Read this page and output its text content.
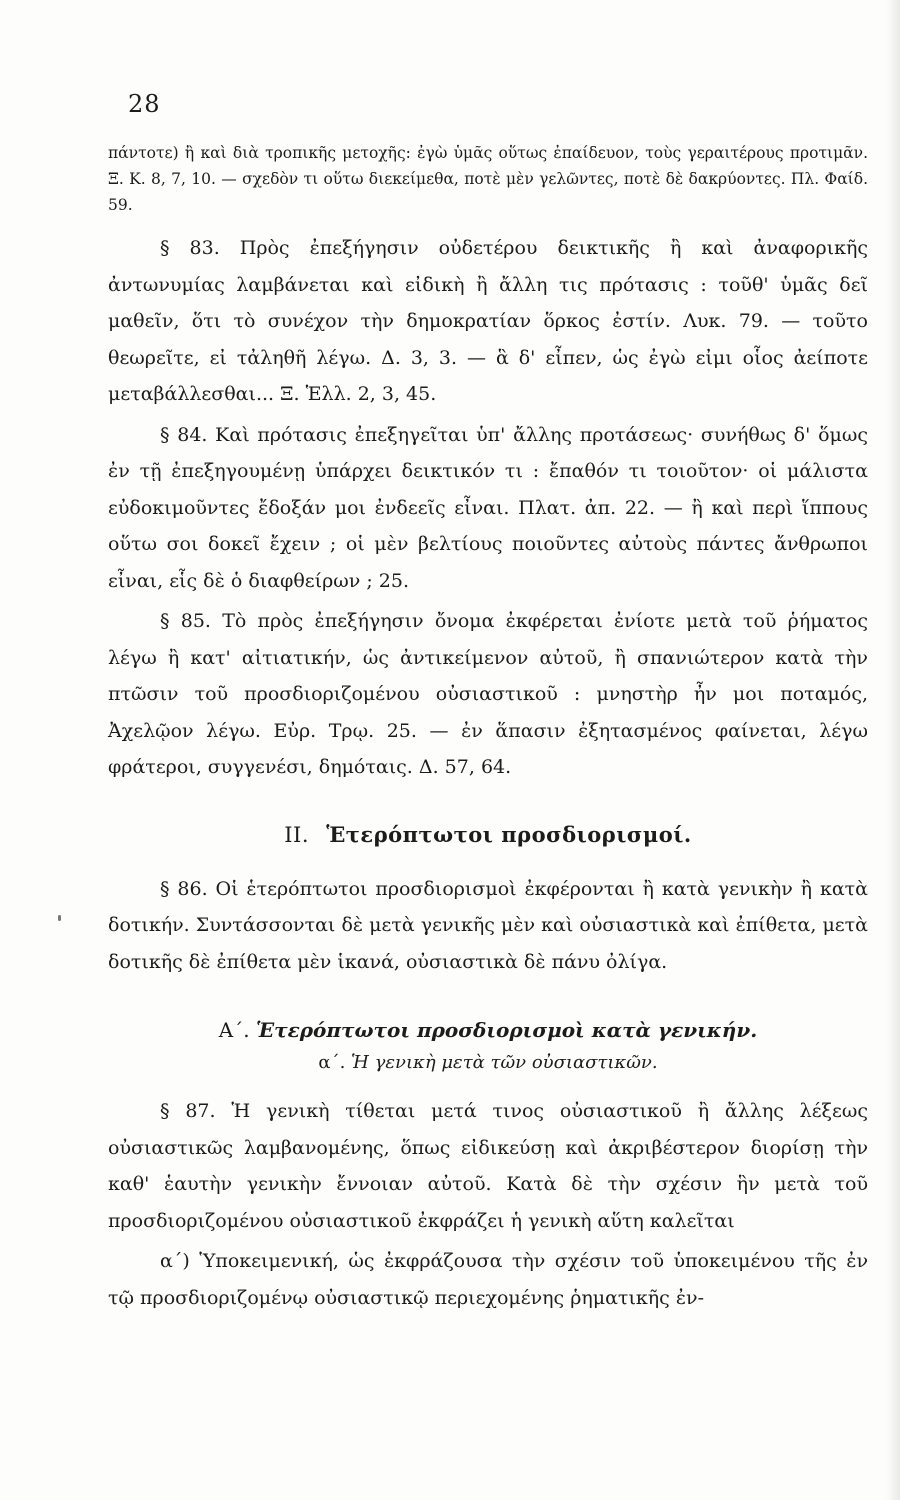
28
πάντοτε) ἢ καὶ διὰ τροπικῆς μετοχῆς: ἐγὼ ὑμᾶς οὕτως ἐπαίδευον, τοὺς γεραιτέρους προτιμᾶν. Ξ. Κ. 8, 7, 10. — σχεδὸν τι οὕτω διεκείμεθα, ποτὲ μὲν γελῶντες, ποτὲ δὲ δακρύοντες. Πλ. Φαίδ. 59.

§ 83. Πρὸς ἐπεξήγησιν οὐδετέρου δεικτικῆς ἢ καὶ ἀναφορικῆς ἀντωνυμίας λαμβάνεται καὶ εἰδικὴ ἢ ἄλλη τις πρότασις : τοῦθ' ὑμᾶς δεῖ μαθεῖν, ὅτι τὸ συνέχον τὴν δημοκρατίαν ὅρκος ἐστίν. Λυκ. 79. — τοῦτο θεωρεῖτε, εἰ τἀληθῆ λέγω. Δ. 3, 3. — ἃ δ' εἶπεν, ὡς ἐγὼ εἰμι οἷος ἀείποτε μεταβάλλεσθαι... Ξ. Ἑλλ. 2, 3, 45.

§ 84. Καὶ πρότασις ἐπεξηγεῖται ὑπ' ἄλλης προτάσεως· συνήθως δ' ὅμως ἐν τῇ ἐπεξηγουμένῃ ὑπάρχει δεικτικόν τι : ἔπαθόν τι τοιοῦτον· οἱ μάλιστα εὐδοκιμοῦντες ἔδοξάν μοι ἐνδεεῖς εἶναι. Πλατ. ἀπ. 22. — ἢ καὶ περὶ ἵππους οὕτω σοι δοκεῖ ἔχειν ; οἱ μὲν βελτίους ποιοῦντες αὐτοὺς πάντες ἄνθρωποι εἶναι, εἷς δὲ ὁ διαφθείρων ; 25.

§ 85. Τὸ πρὸς ἐπεξήγησιν ὄνομα ἐκφέρεται ἐνίοτε μετὰ τοῦ ῥήματος λέγω ἢ κατ' αἰτιατικήν, ὡς ἀντικείμενον αὐτοῦ, ἢ σπανιώτερον κατὰ τὴν πτῶσιν τοῦ προσδιοριζομένου οὐσιαστικοῦ : μνηστὴρ ἦν μοι ποταμός, Ἀχελῷον λέγω. Εὐρ. Τρῳ. 25. — ἐν ἅπασιν ἐξητασμένος φαίνεται, λέγω φράτεροι, συγγενέσι, δημόταις. Δ. 57, 64.

II. Ἑτερόπτωτοι προσδιορισμοί.

§ 86. Οἱ ἑτερόπτωτοι προσδιορισμοὶ ἐκφέρονται ἢ κατὰ γενικὴν ἢ κατὰ δοτικήν. Συντάσσονται δὲ μετὰ γενικῆς μὲν καὶ οὐσιαστικὰ καὶ ἐπίθετα, μετὰ δοτικῆς δὲ ἐπίθετα μὲν ἱκανά, οὐσιαστικὰ δὲ πάνυ ὀλίγα.

Α΄. Ἑτερόπτωτοι προσδιορισμοὶ κατὰ γενικήν.
α΄. Ἡ γενικὴ μετὰ τῶν οὐσιαστικῶν.

§ 87. Ἡ γενικὴ τίθεται μετά τινος οὐσιαστικοῦ ἢ ἄλλης λέξεως οὐσιαστικῶς λαμβανομένης, ὅπως εἰδικεύσῃ καὶ ἀκριβέστερον διορίσῃ τὴν καθ' ἑαυτὴν γενικὴν ἔννοιαν αὐτοῦ. Κατὰ δὲ τὴν σχέσιν ἣν μετὰ τοῦ προσδιοριζομένου οὐσιαστικοῦ ἐκφράζει ἡ γενικὴ αὕτη καλεῖται

α΄) Ὑποκειμενική, ὡς ἐκφράζουσα τὴν σχέσιν τοῦ ὑποκειμένου τῆς ἐν τῷ προσδιοριζομένῳ οὐσιαστικῷ περιεχομένης ῥηματικῆς ἐν-
